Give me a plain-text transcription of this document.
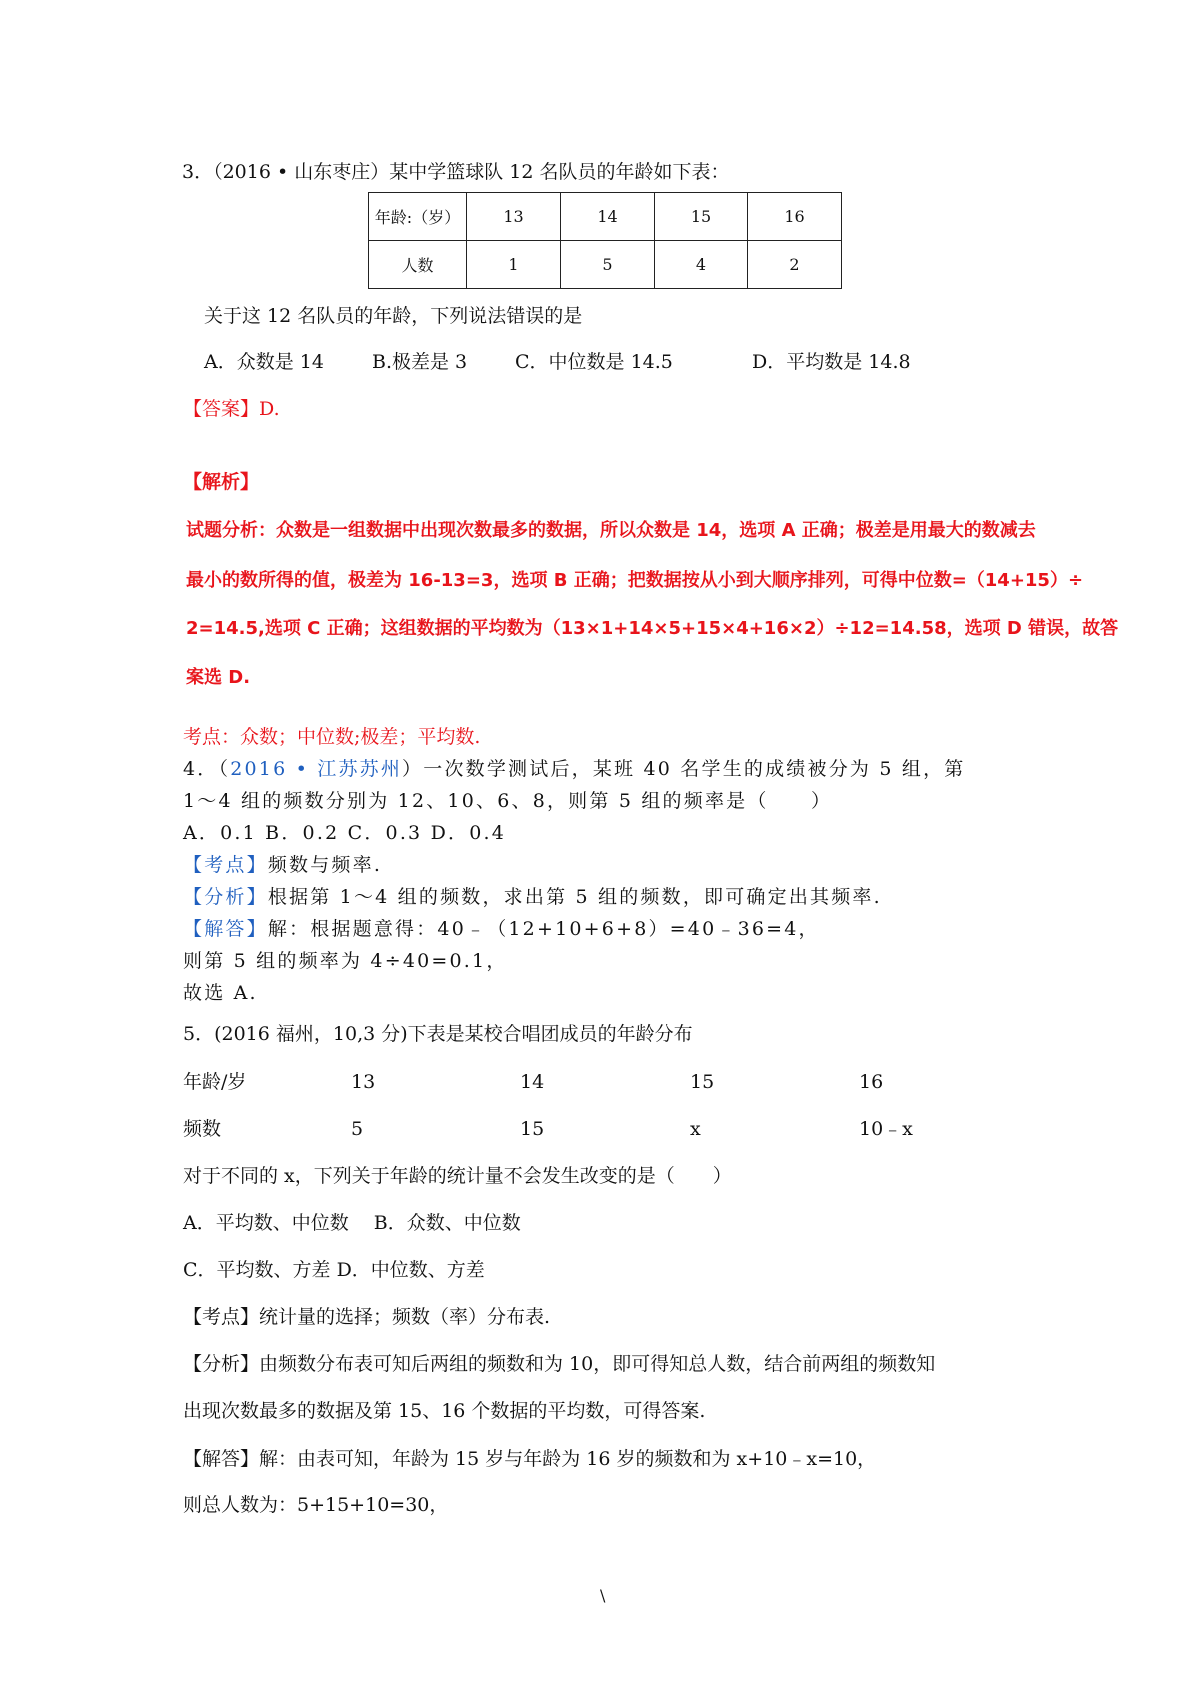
3．（2016 • 山东枣庄）某中学篮球队 12 名队员的年龄如下表：
年龄:（岁）	13	14	15	16
人数	1	5	4	2
关于这 12 名队员的年龄，下列说法错误的是
A．众数是 14	B.极差是 3	C．中位数是 14.5	D．平均数是 14.8
【答案】D.
【解析】
试题分析：众数是一组数据中出现次数最多的数据，所以众数是 14，选项 A 正确；极差是用最大的数减去
最小的数所得的值，极差为 16-13=3，选项 B 正确；把数据按从小到大顺序排列，可得中位数=（14+15）÷
2=14.5,选项 C 正确；这组数据的平均数为（13×1+14×5+15×4+16×2）÷12=14.58，选项 D 错误，故答
案选 D.
考点：众数；中位数;极差；平均数.
4．（2016 • 江苏苏州）一次数学测试后，某班 40 名学生的成绩被分为 5 组，第
1～4 组的频数分别为 12、10、6、8，则第 5 组的频率是（　　）
A．0.1 B．0.2 C．0.3 D．0.4
【考点】频数与频率.
【分析】根据第 1～4 组的频数，求出第 5 组的频数，即可确定出其频率.
【解答】解：根据题意得：40﹣（12+10+6+8）=40﹣36=4，
则第 5 组的频率为 4÷40=0.1，
故选 A.
5．(2016 福州，10,3 分)下表是某校合唱团成员的年龄分布
年龄/岁	13	14	15	16
频数	5	15	x	10﹣x
对于不同的 x，下列关于年龄的统计量不会发生改变的是（　　）
A．平均数、中位数　 B．众数、中位数
C．平均数、方差 D．中位数、方差
【考点】统计量的选择；频数（率）分布表.
【分析】由频数分布表可知后两组的频数和为 10，即可得知总人数，结合前两组的频数知
出现次数最多的数据及第 15、16 个数据的平均数，可得答案.
【解答】解：由表可知，年龄为 15 岁与年龄为 16 岁的频数和为 x+10﹣x=10，
则总人数为：5+15+10=30，
\
